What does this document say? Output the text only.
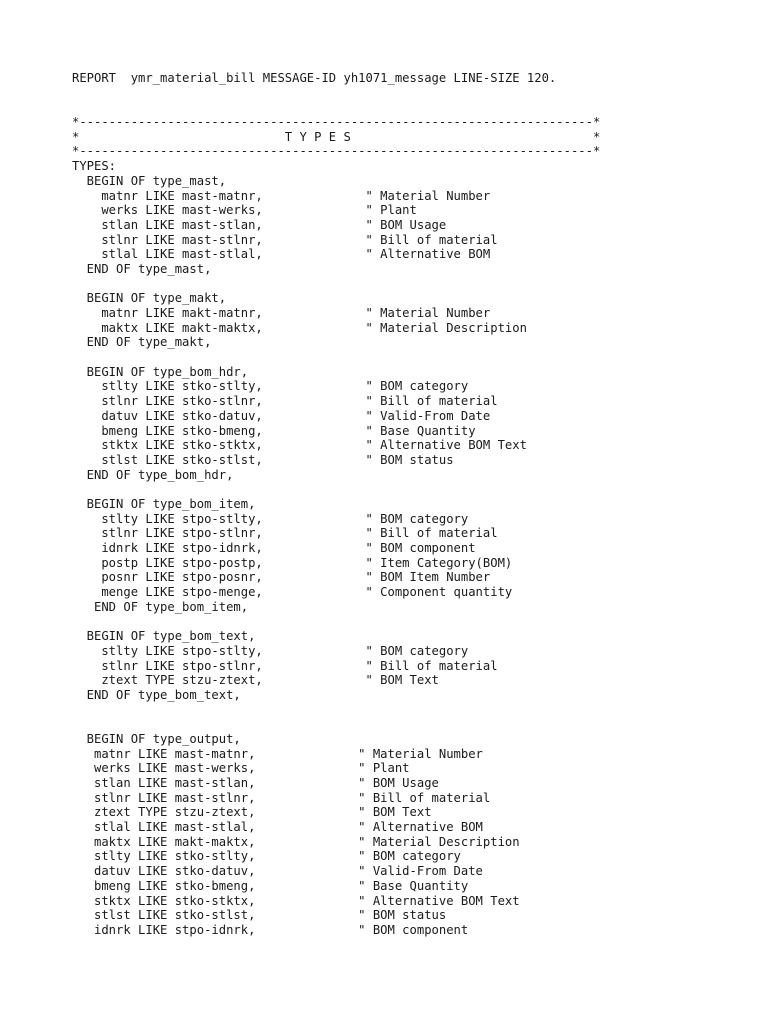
REPORT  ymr_material_bill MESSAGE-ID yh1071_message LINE-SIZE 120.
*----------------------------------------------------------------------*
*                            T Y P E S                                 *
*----------------------------------------------------------------------*
TYPES:
BEGIN OF type_mast,
matnr LIKE mast-matnr,              " Material Number
werks LIKE mast-werks,              " Plant
stlan LIKE mast-stlan,              " BOM Usage
stlnr LIKE mast-stlnr,              " Bill of material
stlal LIKE mast-stlal,              " Alternative BOM
END OF type_mast,
BEGIN OF type_makt,
matnr LIKE makt-matnr,              " Material Number
maktx LIKE makt-maktx,              " Material Description
END OF type_makt,
BEGIN OF type_bom_hdr,
stlty LIKE stko-stlty,              " BOM category
stlnr LIKE stko-stlnr,              " Bill of material
datuv LIKE stko-datuv,              " Valid-From Date
bmeng LIKE stko-bmeng,              " Base Quantity
stktx LIKE stko-stktx,              " Alternative BOM Text
stlst LIKE stko-stlst,              " BOM status
END OF type_bom_hdr,
BEGIN OF type_bom_item,
stlty LIKE stpo-stlty,              " BOM category
stlnr LIKE stpo-stlnr,              " Bill of material
idnrk LIKE stpo-idnrk,              " BOM component
postp LIKE stpo-postp,              " Item Category(BOM)
posnr LIKE stpo-posnr,              " BOM Item Number
menge LIKE stpo-menge,              " Component quantity
END OF type_bom_item,
BEGIN OF type_bom_text,
stlty LIKE stpo-stlty,              " BOM category
stlnr LIKE stpo-stlnr,              " Bill of material
ztext TYPE stzu-ztext,              " BOM Text
END OF type_bom_text,
BEGIN OF type_output,
matnr LIKE mast-matnr,              " Material Number
werks LIKE mast-werks,              " Plant
stlan LIKE mast-stlan,              " BOM Usage
stlnr LIKE mast-stlnr,              " Bill of material
ztext TYPE stzu-ztext,              " BOM Text
stlal LIKE mast-stlal,              " Alternative BOM
maktx LIKE makt-maktx,              " Material Description
stlty LIKE stko-stlty,              " BOM category
datuv LIKE stko-datuv,              " Valid-From Date
bmeng LIKE stko-bmeng,              " Base Quantity
stktx LIKE stko-stktx,              " Alternative BOM Text
stlst LIKE stko-stlst,              " BOM status
idnrk LIKE stpo-idnrk,              " BOM component
